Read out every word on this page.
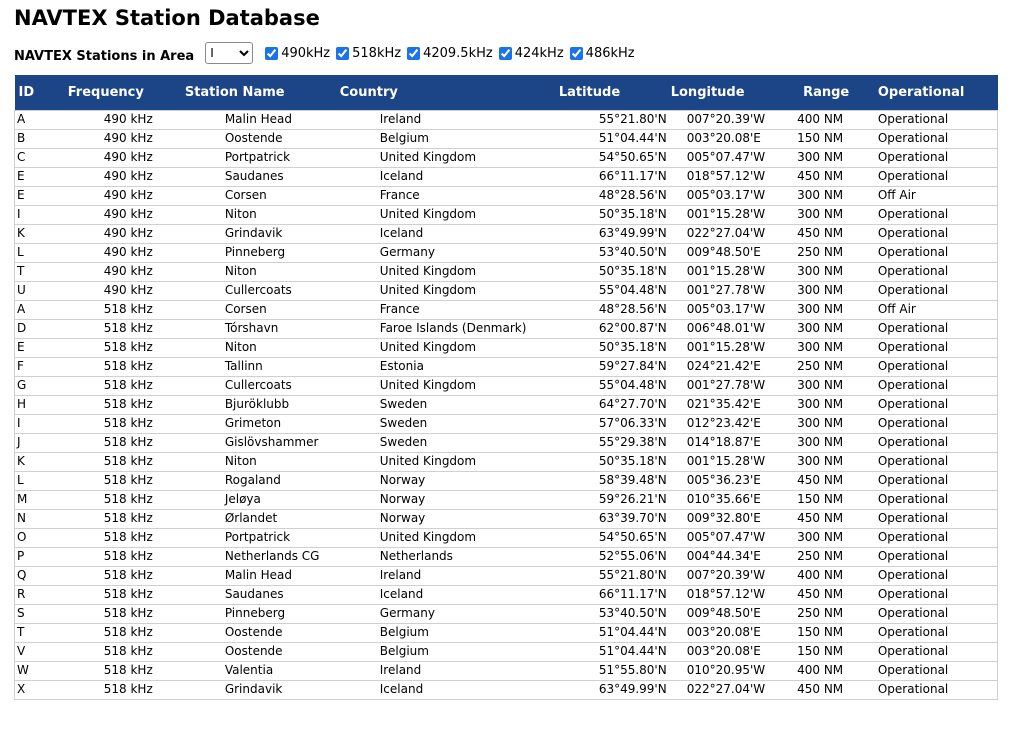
NAVTEX Station Database
NAVTEX Stations in Area
I	490kHz 518kHz 4209.5kHz 424kHz 486kHz
ID	Frequency	Station Name	Country	Latitude	Longitude	Range	Operational
A	490 kHz	Malin Head	Ireland	55°21.80'N	007°20.39'W	400 NM	Operational
B	490 kHz	Oostende	Belgium	51°04.44'N	003°20.08'E	150 NM	Operational
C	490 kHz	Portpatrick	United Kingdom	54°50.65'N	005°07.47'W	300 NM	Operational
E	490 kHz	Saudanes	Iceland	66°11.17'N	018°57.12'W	450 NM	Operational
E	490 kHz	Corsen	France	48°28.56'N	005°03.17'W	300 NM	Off Air
I	490 kHz	Niton	United Kingdom	50°35.18'N	001°15.28'W	300 NM	Operational
K	490 kHz	Grindavik	Iceland	63°49.99'N	022°27.04'W	450 NM	Operational
L	490 kHz	Pinneberg	Germany	53°40.50'N	009°48.50'E	250 NM	Operational
T	490 kHz	Niton	United Kingdom	50°35.18'N	001°15.28'W	300 NM	Operational
U	490 kHz	Cullercoats	United Kingdom	55°04.48'N	001°27.78'W	300 NM	Operational
A	518 kHz	Corsen	France	48°28.56'N	005°03.17'W	300 NM	Off Air
D	518 kHz	Tórshavn	Faroe Islands (Denmark)	62°00.87'N	006°48.01'W	300 NM	Operational
E	518 kHz	Niton	United Kingdom	50°35.18'N	001°15.28'W	300 NM	Operational
F	518 kHz	Tallinn	Estonia	59°27.84'N	024°21.42'E	250 NM	Operational
G	518 kHz	Cullercoats	United Kingdom	55°04.48'N	001°27.78'W	300 NM	Operational
H	518 kHz	Bjuröklubb	Sweden	64°27.70'N	021°35.42'E	300 NM	Operational
I	518 kHz	Grimeton	Sweden	57°06.33'N	012°23.42'E	300 NM	Operational
J	518 kHz	Gislövshammer	Sweden	55°29.38'N	014°18.87'E	300 NM	Operational
K	518 kHz	Niton	United Kingdom	50°35.18'N	001°15.28'W	300 NM	Operational
L	518 kHz	Rogaland	Norway	58°39.48'N	005°36.23'E	450 NM	Operational
M	518 kHz	Jeløya	Norway	59°26.21'N	010°35.66'E	150 NM	Operational
N	518 kHz	Ørlandet	Norway	63°39.70'N	009°32.80'E	450 NM	Operational
O	518 kHz	Portpatrick	United Kingdom	54°50.65'N	005°07.47'W	300 NM	Operational
P	518 kHz	Netherlands CG	Netherlands	52°55.06'N	004°44.34'E	250 NM	Operational
Q	518 kHz	Malin Head	Ireland	55°21.80'N	007°20.39'W	400 NM	Operational
R	518 kHz	Saudanes	Iceland	66°11.17'N	018°57.12'W	450 NM	Operational
S	518 kHz	Pinneberg	Germany	53°40.50'N	009°48.50'E	250 NM	Operational
T	518 kHz	Oostende	Belgium	51°04.44'N	003°20.08'E	150 NM	Operational
V	518 kHz	Oostende	Belgium	51°04.44'N	003°20.08'E	150 NM	Operational
W	518 kHz	Valentia	Ireland	51°55.80'N	010°20.95'W	400 NM	Operational
X	518 kHz	Grindavik	Iceland	63°49.99'N	022°27.04'W	450 NM	Operational
